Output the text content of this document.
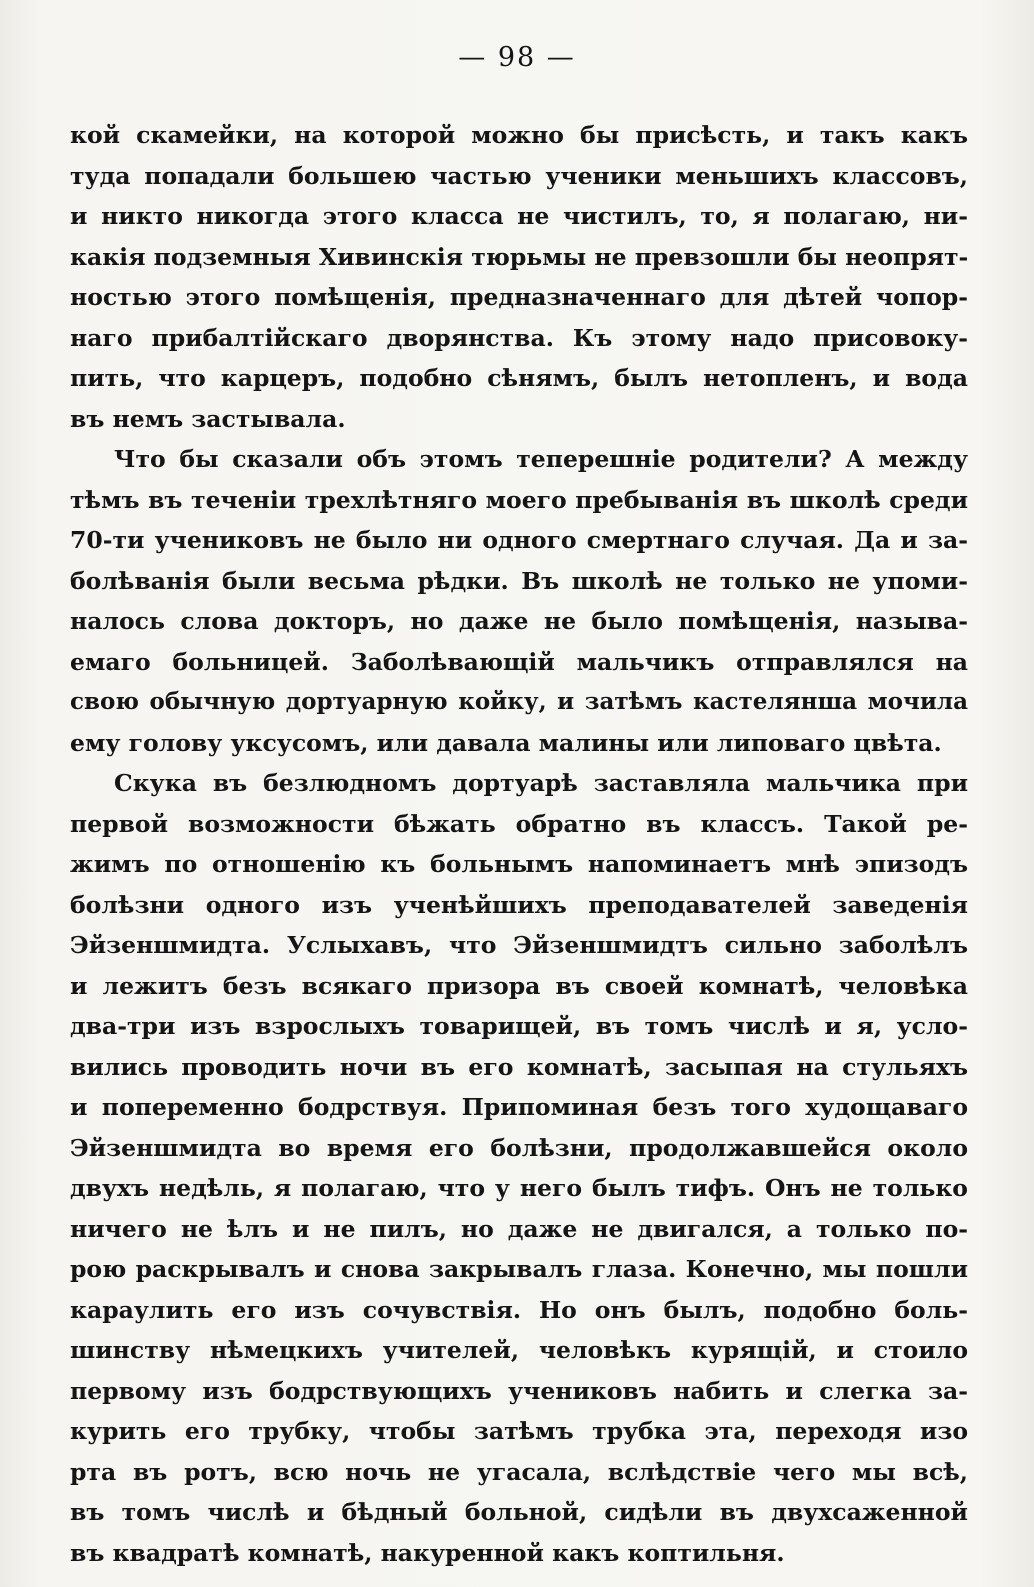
— 98 —
кой скамейки, на которой можно бы присѣсть, и такъ какъ
туда попадали большею частью ученики меньшихъ классовъ,
и никто никогда этого класса не чистилъ, то, я полагаю, ни-
какія подземныя Хивинскія тюрьмы не превзошли бы неопрят-
ностью этого помѣщенія, предназначеннаго для дѣтей чопор-
наго прибалтійскаго дворянства. Къ этому надо присовоку-
пить, что карцеръ, подобно сѣнямъ, былъ нетопленъ, и вода
въ немъ застывала.
Что бы сказали объ этомъ теперешніе родители? А между
тѣмъ въ теченіи трехлѣтняго моего пребыванія въ школѣ среди
70-ти учениковъ не было ни одного смертнаго случая. Да и за-
болѣванія были весьма рѣдки. Въ школѣ не только не упоми-
налось слова докторъ, но даже не было помѣщенія, называ-
емаго больницей. Заболѣвающій мальчикъ отправлялся на
свою обычную дортуарную койку, и затѣмъ кастелянша мочила
ему голову уксусомъ, или давала малины или липоваго цвѣта.
Скука въ безлюдномъ дортуарѣ заставляла мальчика при
первой возможности бѣжать обратно въ классъ. Такой ре-
жимъ по отношенію къ больнымъ напоминаетъ мнѣ эпизодъ
болѣзни одного изъ ученѣйшихъ преподавателей заведенія
Эйзеншмидта. Услыхавъ, что Эйзеншмидтъ сильно заболѣлъ
и лежитъ безъ всякаго призора въ своей комнатѣ, человѣка
два-три изъ взрослыхъ товарищей, въ томъ числѣ и я, усло-
вились проводить ночи въ его комнатѣ, засыпая на стульяхъ
и попеременно бодрствуя. Припоминая безъ того худощаваго
Эйзеншмидта во время его болѣзни, продолжавшейся около
двухъ недѣль, я полагаю, что у него былъ тифъ. Онъ не только
ничего не ѣлъ и не пилъ, но даже не двигался, а только по-
рою раскрывалъ и снова закрывалъ глаза. Конечно, мы пошли
караулить его изъ сочувствія. Но онъ былъ, подобно боль-
шинству нѣмецкихъ учителей, человѣкъ курящій, и стоило
первому изъ бодрствующихъ учениковъ набить и слегка за-
курить его трубку, чтобы затѣмъ трубка эта, переходя изо
рта въ ротъ, всю ночь не угасала, вслѣдствіе чего мы всѣ,
въ томъ числѣ и бѣдный больной, сидѣли въ двухсаженной
въ квадратѣ комнатѣ, накуренной какъ коптильня.
